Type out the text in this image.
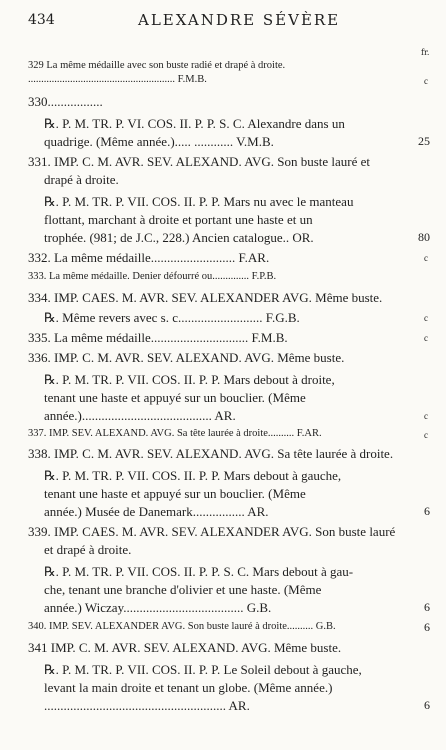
434	ALEXANDRE SÉVÈRE
fr.
329 La même médaille avec son buste radié et drapé à droite.
........................................................ F.M.B.	c
330.................
℞. P. M. TR. P. VI. COS. II. P. P. S. C. Alexandre dans un
quadrige. (Même année.)..... ............ V.M.B.	25
331. IMP. C. M. AVR. SEV. ALEXAND. AVG. Son buste lauré et
drapé à droite.
℞. P. M. TR. P. VII. COS. II. P. P. Mars nu avec le manteau
flottant, marchant à droite et portant une haste et un
trophée. (981; de J.C., 228.) Ancien catalogue.. OR.	80
332. La même médaille.......................... F.AR.	c
333. La même médaille. Denier défourré ou.............. F.P.B.
334. IMP. CAES. M. AVR. SEV. ALEXANDER AVG. Même buste.
℞. Même revers avec s. c.......................... F.G.B.	c
335. La même médaille.............................. F.M.B.	c
336. IMP. C. M. AVR. SEV. ALEXAND. AVG. Même buste.
℞. P. M. TR. P. VII. COS. II. P. P. Mars debout à droite,
tenant une haste et appuyé sur un bouclier. (Même
année.)........................................ AR.	c
337. IMP. SEV. ALEXAND. AVG. Sa tête laurée à droite.......... F.AR.	c
338. IMP. C. M. AVR. SEV. ALEXAND. AVG. Sa tête laurée à droite.
℞. P. M. TR. P. VII. COS. II. P. P. Mars debout à gauche,
tenant une haste et appuyé sur un bouclier. (Même
année.) Musée de Danemark................ AR.	6
339. IMP. CAES. M. AVR. SEV. ALEXANDER AVG. Son buste lauré
et drapé à droite.
℞. P. M. TR. P. VII. COS. II. P. P. S. C. Mars debout à gau-
che, tenant une branche d'olivier et une haste. (Même
année.) Wiczay..................................... G.B.	6
340. IMP. SEV. ALEXANDER AVG. Son buste lauré à droite.......... G.B.	6
341 IMP. C. M. AVR. SEV. ALEXAND. AVG. Même buste.
℞. P. M. TR. P. VII. COS. II. P. P. Le Soleil debout à gauche,
levant la main droite et tenant un globe. (Même année.)
........................................................ AR.	6
